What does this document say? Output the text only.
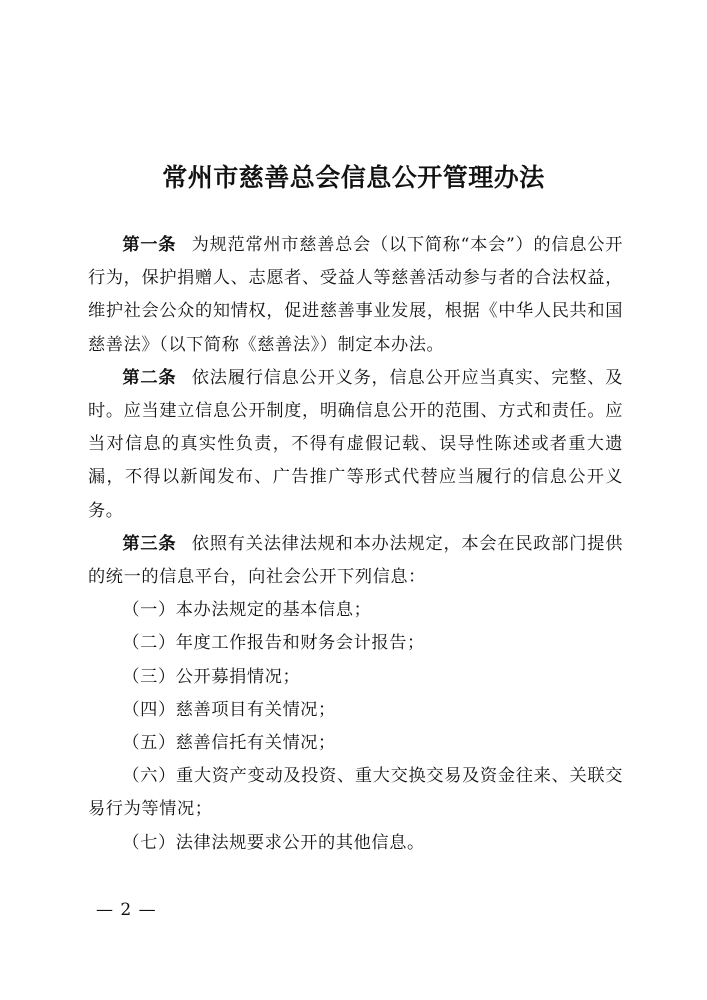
常州市慈善总会信息公开管理办法

第一条 为规范常州市慈善总会（以下简称“本会”）的信息公开行为，保护捐赠人、志愿者、受益人等慈善活动参与者的合法权益，维护社会公众的知情权，促进慈善事业发展，根据《中华人民共和国慈善法》（以下简称《慈善法》）制定本办法。

第二条 依法履行信息公开义务，信息公开应当真实、完整、及时。应当建立信息公开制度，明确信息公开的范围、方式和责任。应当对信息的真实性负责，不得有虚假记载、误导性陈述或者重大遗漏，不得以新闻发布、广告推广等形式代替应当履行的信息公开义务。

第三条 依照有关法律法规和本办法规定，本会在民政部门提供的统一的信息平台，向社会公开下列信息：

（一）本办法规定的基本信息；

（二）年度工作报告和财务会计报告；

（三）公开募捐情况；

（四）慈善项目有关情况；

（五）慈善信托有关情况；

（六）重大资产变动及投资、重大交换交易及资金往来、关联交易行为等情况；

（七）法律法规要求公开的其他信息。

— 2 —
